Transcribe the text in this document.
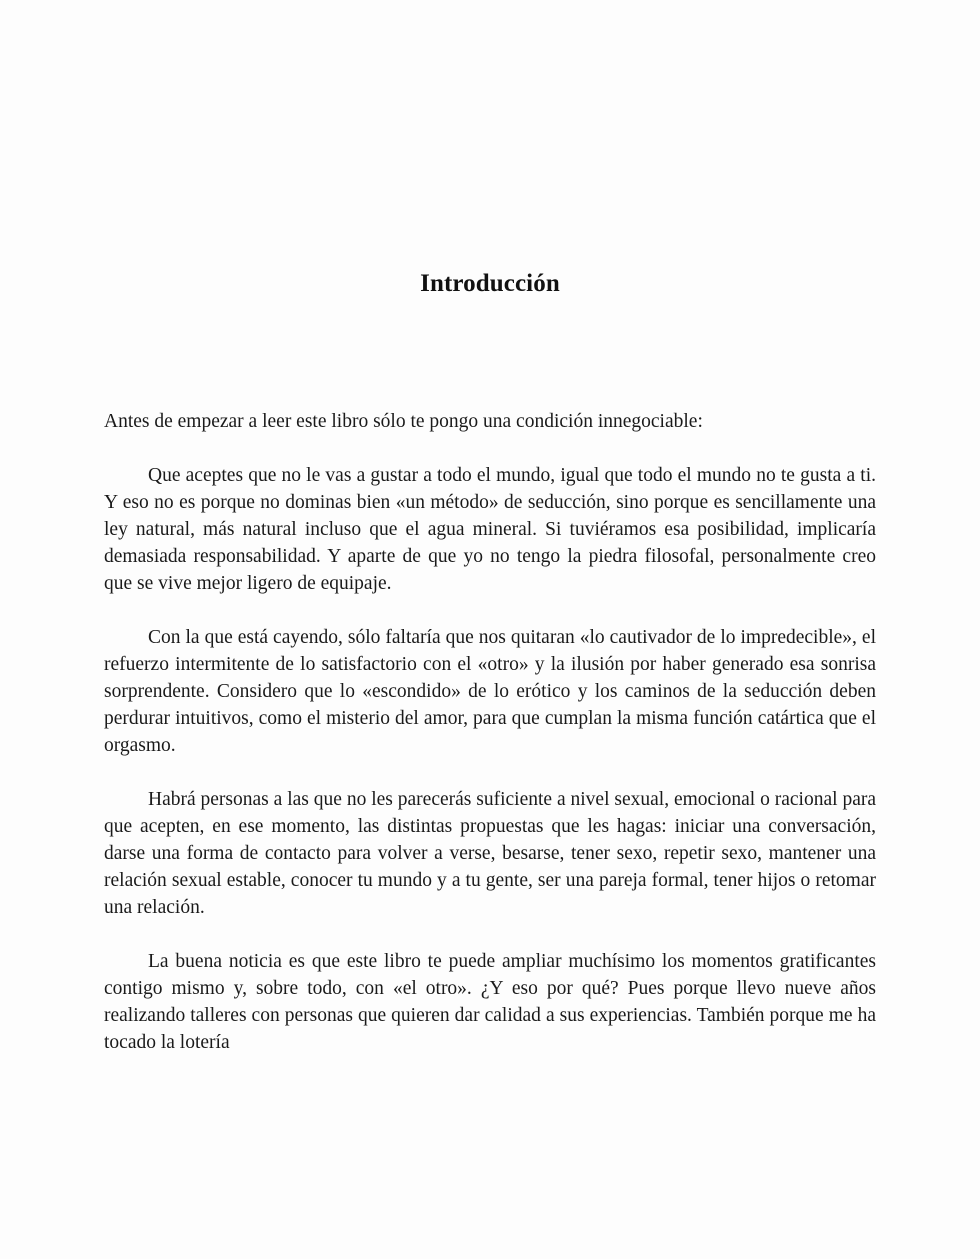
Introducción

Antes de empezar a leer este libro sólo te pongo una condición innegociable:

Que aceptes que no le vas a gustar a todo el mundo, igual que todo el mundo no te gusta a ti. Y eso no es porque no dominas bien «un método» de seducción, sino porque es sencillamente una ley natural, más natural incluso que el agua mineral. Si tuviéramos esa posibilidad, implicaría demasiada responsabilidad. Y aparte de que yo no tengo la piedra filosofal, personalmente creo que se vive mejor ligero de equipaje.

Con la que está cayendo, sólo faltaría que nos quitaran «lo cautivador de lo impredecible», el refuerzo intermitente de lo satisfactorio con el «otro» y la ilusión por haber generado esa sonrisa sorprendente. Considero que lo «escondido» de lo erótico y los caminos de la seducción deben perdurar intuitivos, como el misterio del amor, para que cumplan la misma función catártica que el orgasmo.

Habrá personas a las que no les parecerás suficiente a nivel sexual, emocional o racional para que acepten, en ese momento, las distintas propuestas que les hagas: iniciar una conversación, darse una forma de contacto para volver a verse, besarse, tener sexo, repetir sexo, mantener una relación sexual estable, conocer tu mundo y a tu gente, ser una pareja formal, tener hijos o retomar una relación.

La buena noticia es que este libro te puede ampliar muchísimo los momentos gratificantes contigo mismo y, sobre todo, con «el otro». ¿Y eso por qué? Pues porque llevo nueve años realizando talleres con personas que quieren dar calidad a sus experiencias. También porque me ha tocado la lotería
